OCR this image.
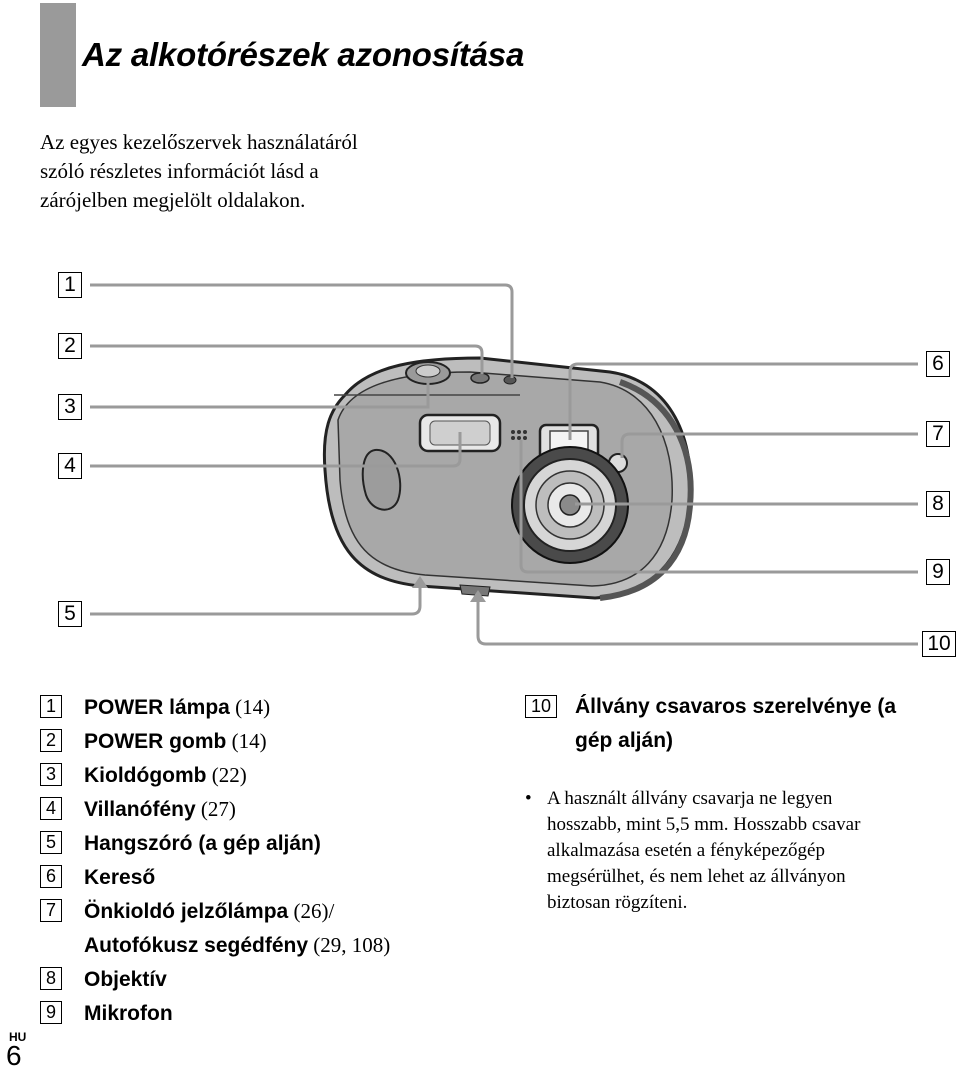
Az alkotórészek azonosítása
Az egyes kezelőszervek használatáról
szóló részletes információt lásd a
zárójelben megjelölt oldalakon.
1
2
3
4
5
6
7
8
9
10
1 POWER lámpa (14)
2 POWER gomb (14)
3 Kioldógomb (22)
4 Villanófény (27)
5 Hangszóró (a gép alján)
6 Kereső
7 Önkioldó jelzőlámpa (26)/
Autofókusz segédfény (29, 108)
8 Objektív
9 Mikrofon
10 Állvány csavaros szerelvénye (a
gép alján)
• A használt állvány csavarja ne legyen
hosszabb, mint 5,5 mm. Hosszabb csavar
alkalmazása esetén a fényképezőgép
megsérülhet, és nem lehet az állványon
biztosan rögzíteni.
HU
6
